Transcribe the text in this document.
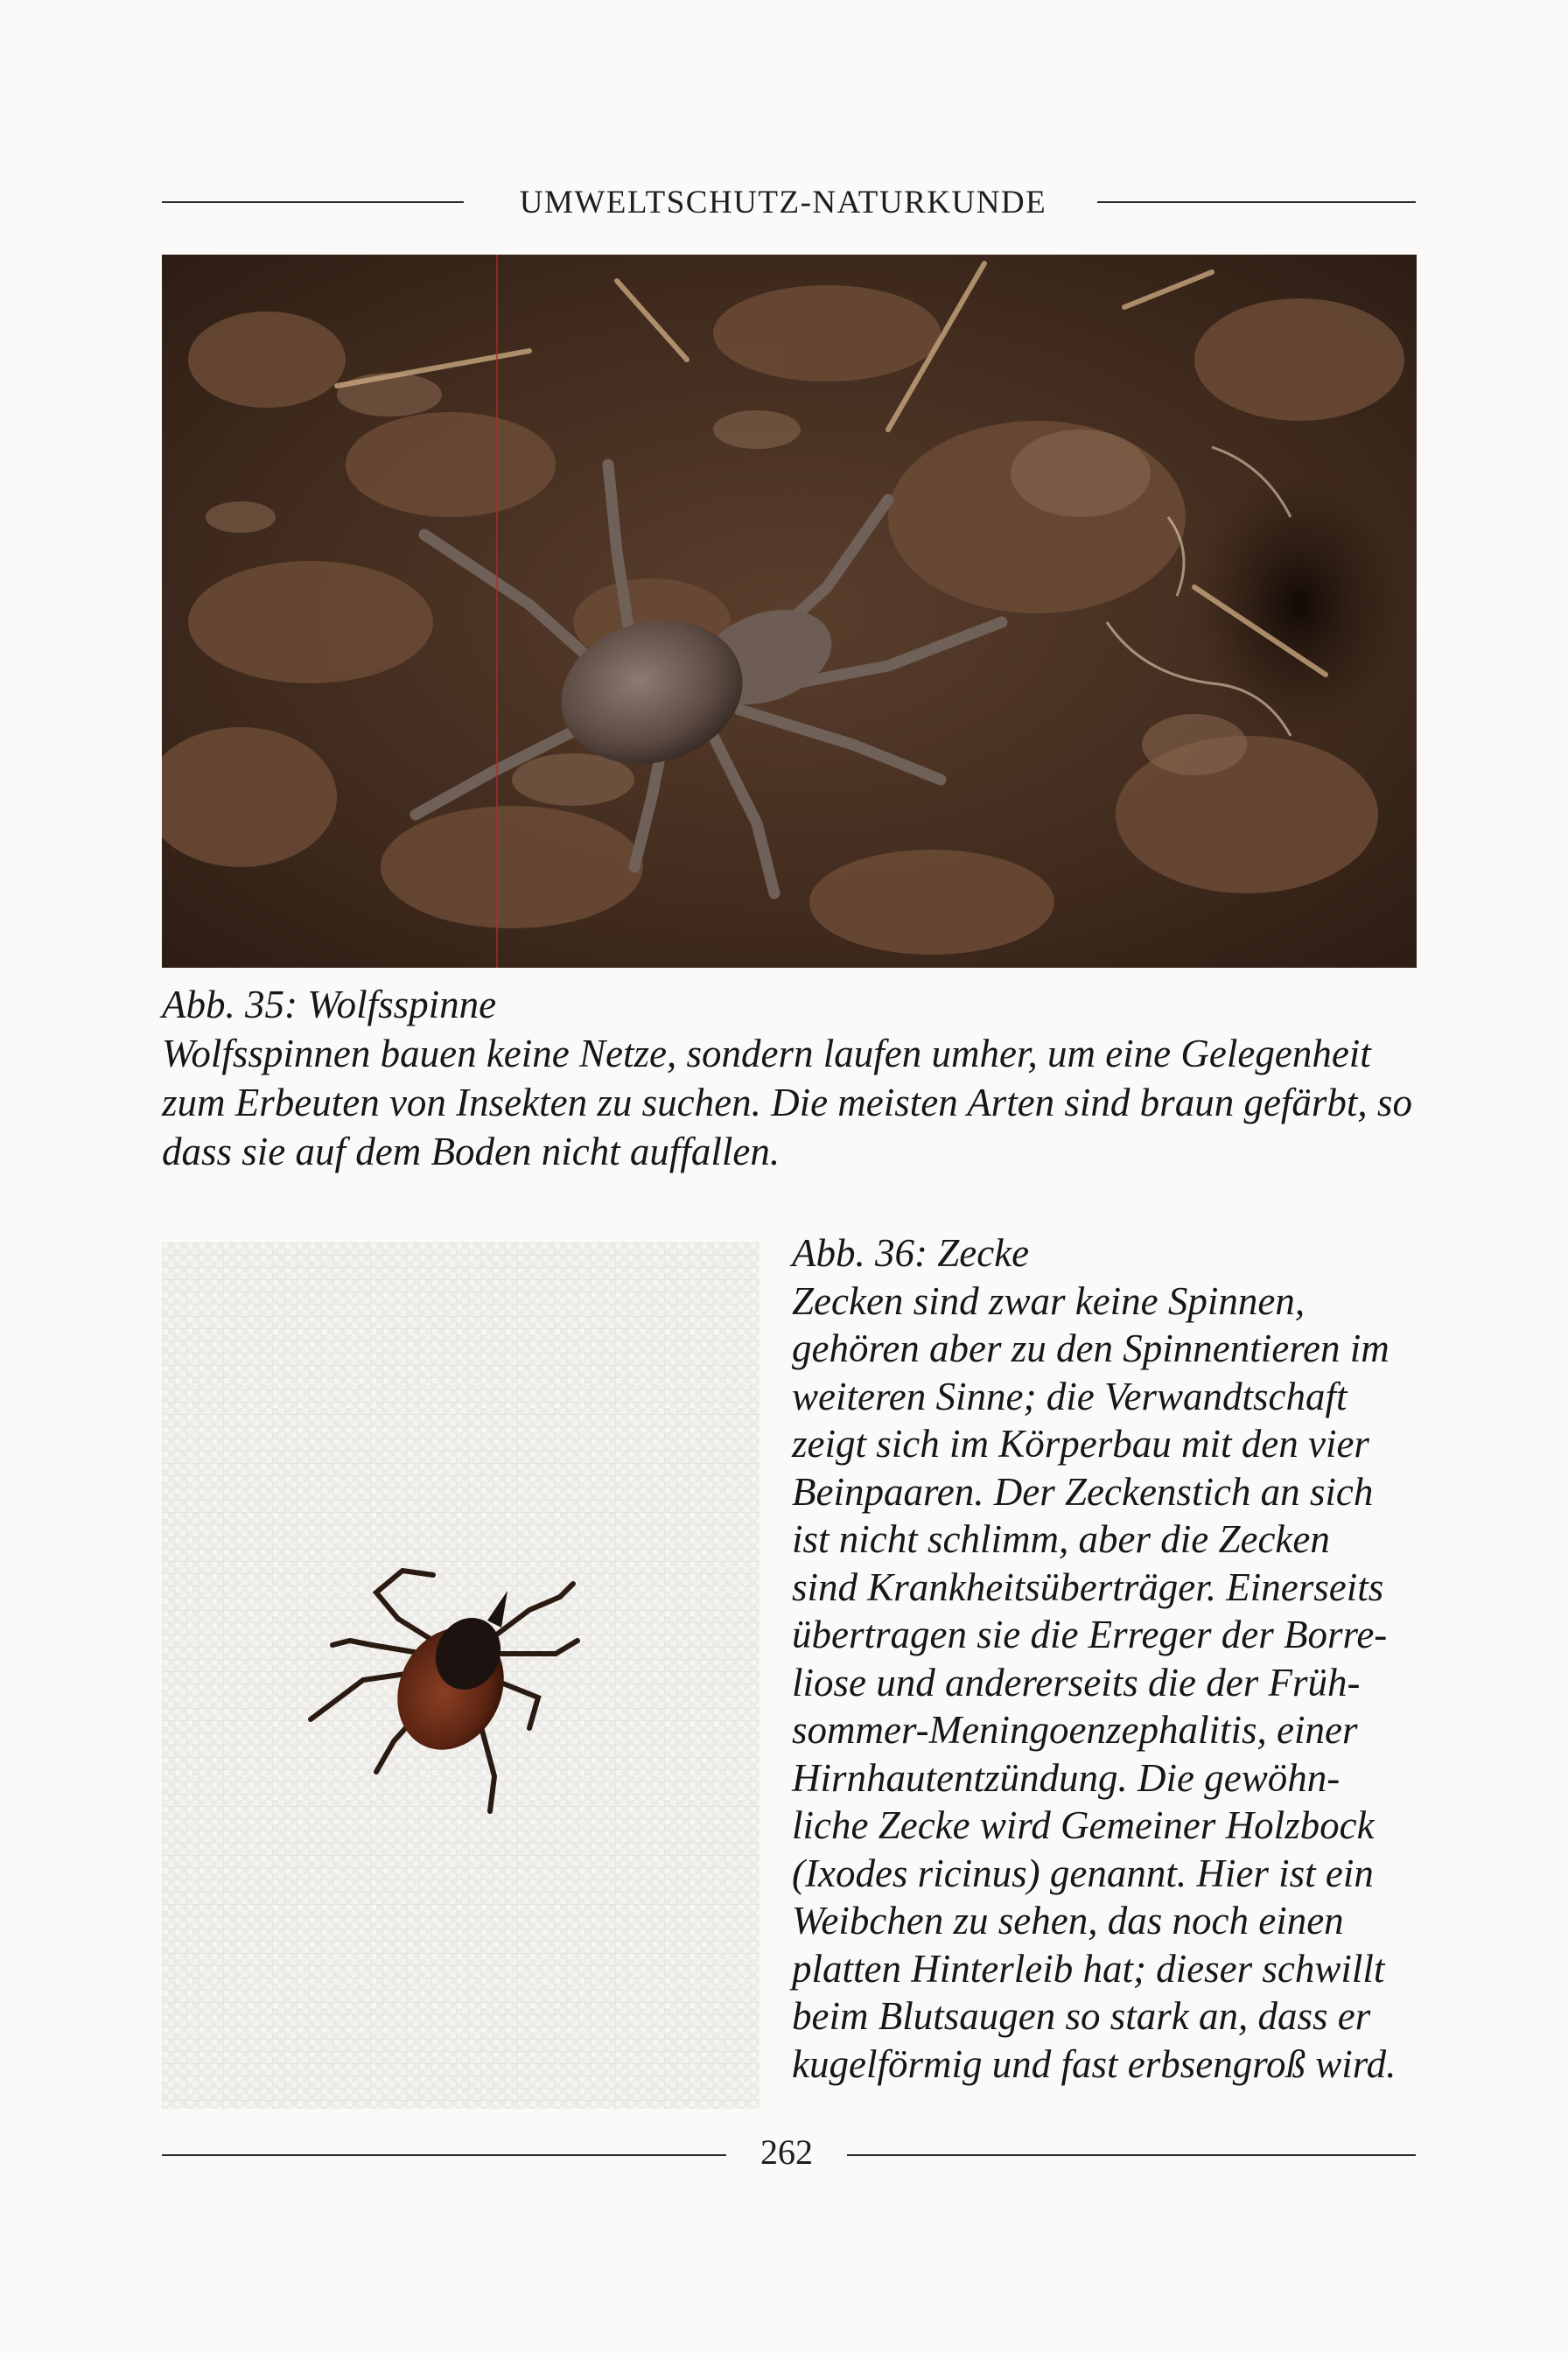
UMWELTSCHUTZ-NATURKUNDE
Abb. 35: Wolfsspinne
Wolfsspinnen bauen keine Netze, sondern laufen umher, um eine Gelegenheit zum Erbeuten von Insekten zu suchen. Die meisten Arten sind braun gefärbt, so dass sie auf dem Boden nicht auffallen.
Abb. 36: Zecke
Zecken sind zwar keine Spinnen,
gehören aber zu den Spinnentieren im
weiteren Sinne; die Verwandtschaft
zeigt sich im Körperbau mit den vier
Beinpaaren. Der Zeckenstich an sich
ist nicht schlimm, aber die Zecken
sind Krankheitsüberträger. Einerseits
übertragen sie die Erreger der Borre-
liose und andererseits die der Früh-
sommer-Meningoenzephalitis, einer
Hirnhautentzündung. Die gewöhn-
liche Zecke wird Gemeiner Holzbock
(Ixodes ricinus) genannt. Hier ist ein
Weibchen zu sehen, das noch einen
platten Hinterleib hat; dieser schwillt
beim Blutsaugen so stark an, dass er
kugelförmig und fast erbsengroß wird.
262
